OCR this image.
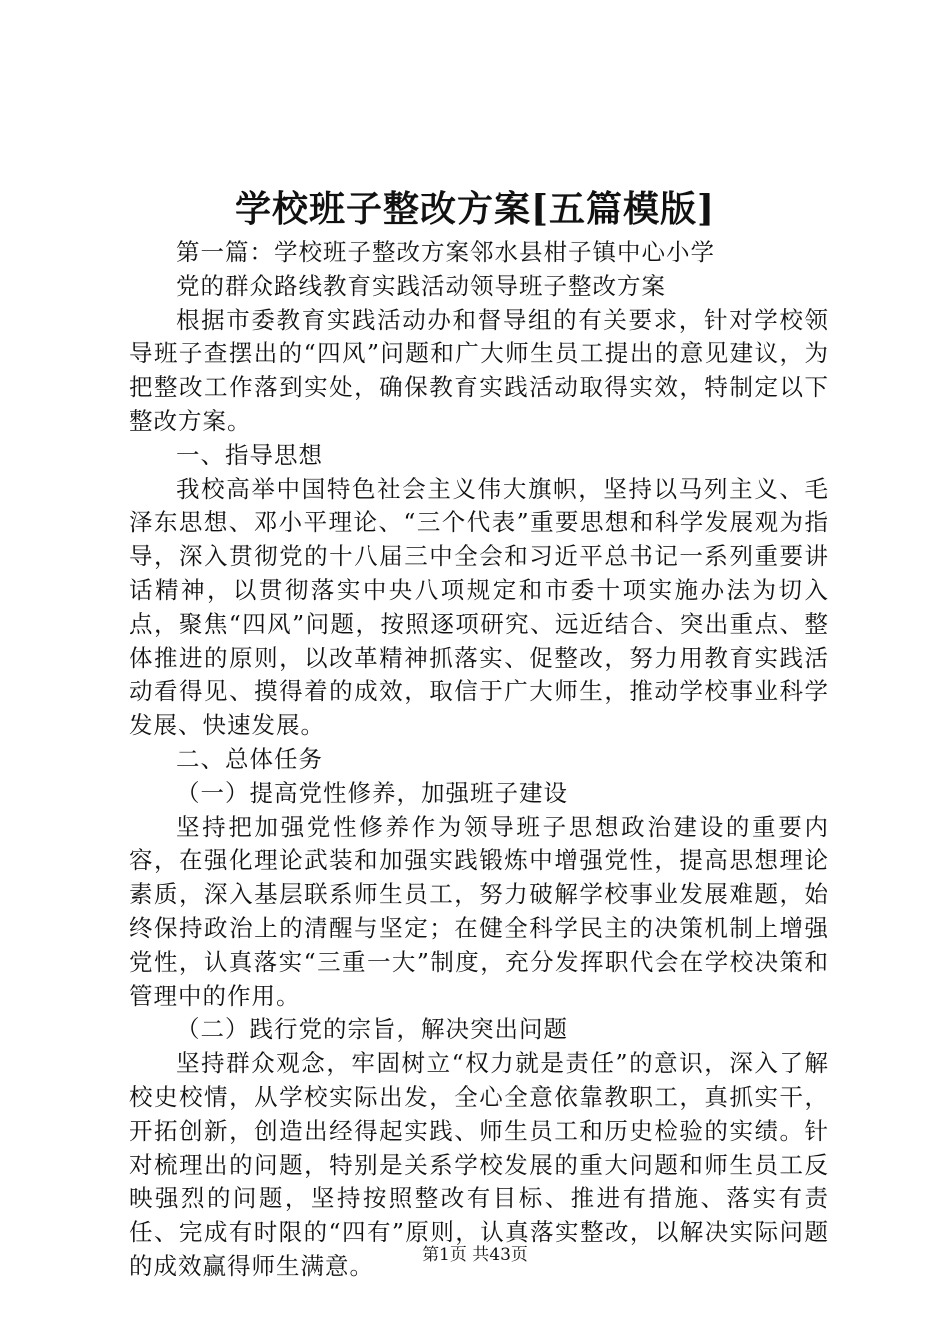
学校班子整改方案[五篇模版]

第一篇：学校班子整改方案邻水县柑子镇中心小学

党的群众路线教育实践活动领导班子整改方案

根据市委教育实践活动办和督导组的有关要求，针对学校领导班子查摆出的“四风”问题和广大师生员工提出的意见建议，为把整改工作落到实处，确保教育实践活动取得实效，特制定以下整改方案。

一、指导思想

我校高举中国特色社会主义伟大旗帜，坚持以马列主义、毛泽东思想、邓小平理论、“三个代表”重要思想和科学发展观为指导，深入贯彻党的十八届三中全会和习近平总书记一系列重要讲话精神，以贯彻落实中央八项规定和市委十项实施办法为切入点，聚焦“四风”问题，按照逐项研究、远近结合、突出重点、整体推进的原则，以改革精神抓落实、促整改，努力用教育实践活动看得见、摸得着的成效，取信于广大师生，推动学校事业科学发展、快速发展。

二、总体任务

（一）提高党性修养，加强班子建设

坚持把加强党性修养作为领导班子思想政治建设的重要内容，在强化理论武装和加强实践锻炼中增强党性，提高思想理论素质，深入基层联系师生员工，努力破解学校事业发展难题，始终保持政治上的清醒与坚定；在健全科学民主的决策机制上增强党性，认真落实“三重一大”制度，充分发挥职代会在学校决策和管理中的作用。

（二）践行党的宗旨，解决突出问题

坚持群众观念，牢固树立“权力就是责任”的意识，深入了解校史校情，从学校实际出发，全心全意依靠教职工，真抓实干，开拓创新，创造出经得起实践、师生员工和历史检验的实绩。针对梳理出的问题，特别是关系学校发展的重大问题和师生员工反映强烈的问题，坚持按照整改有目标、推进有措施、落实有责任、完成有时限的“四有”原则，认真落实整改，以解决实际问题的成效赢得师生满意。	第1页 共43页
